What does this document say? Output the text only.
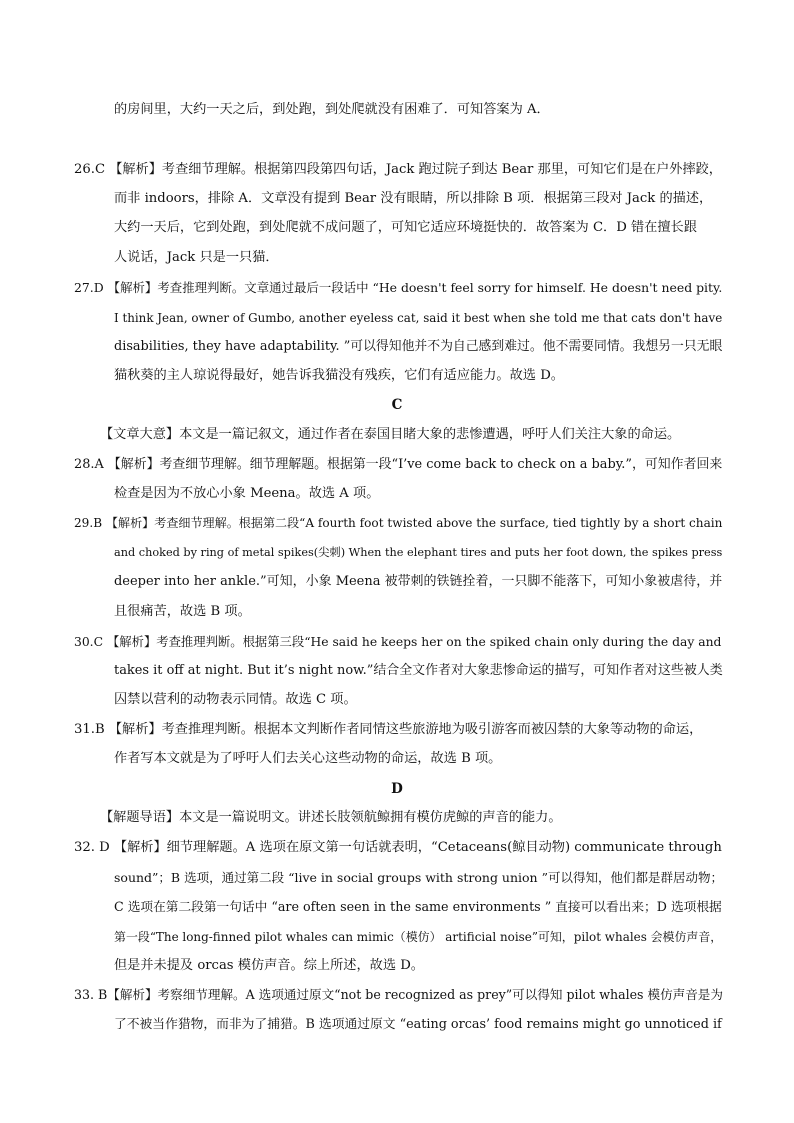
的房间里，大约一天之后，到处跑，到处爬就没有困难了．可知答案为 A．
26.C 【解析】考查细节理解。根据第四段第四句话，Jack 跑过院子到达 Bear 那里，可知它们是在户外摔跤，
而非 indoors，排除 A．文章没有提到 Bear 没有眼睛，所以排除 B 项．根据第三段对 Jack 的描述，
大约一天后，它到处跑，到处爬就不成问题了，可知它适应环境挺快的．故答案为 C．D 错在擅长跟
人说话，Jack 只是一只猫．
27.D 【解析】考查推理判断。文章通过最后一段话中 “He doesn't feel sorry for himself. He doesn't need pity.
I think Jean, owner of Gumbo, another eyeless cat, said it best when she told me that cats don't have
disabilities, they have adaptability. ”可以得知他并不为自己感到难过。他不需要同情。我想另一只无眼
猫秋葵的主人琼说得最好，她告诉我猫没有残疾，它们有适应能力。故选 D。
C
【文章大意】本文是一篇记叙文，通过作者在泰国目睹大象的悲惨遭遇，呼吁人们关注大象的命运。
28.A 【解析】考查细节理解。细节理解题。根据第一段“I’ve come back to check on a baby.”，可知作者回来
检查是因为不放心小象 Meena。故选 A 项。
29.B 【解析】考查细节理解。根据第二段“A fourth foot twisted above the surface, tied tightly by a short chain
and choked by ring of metal spikes(尖刺) When the elephant tires and puts her foot down, the spikes press
deeper into her ankle.”可知，小象 Meena 被带刺的铁链拴着，一只脚不能落下，可知小象被虐待，并
且很痛苦，故选 B 项。
30.C 【解析】考查推理判断。根据第三段“He said he keeps her on the spiked chain only during the day and
takes it off at night. But it’s night now.”结合全文作者对大象悲惨命运的描写，可知作者对这些被人类
囚禁以营利的动物表示同情。故选 C 项。
31.B 【解析】考查推理判断。根据本文判断作者同情这些旅游地为吸引游客而被囚禁的大象等动物的命运，
作者写本文就是为了呼吁人们去关心这些动物的命运，故选 B 项。
D
【解题导语】本文是一篇说明文。讲述长肢领航鲸拥有模仿虎鲸的声音的能力。
32. D 【解析】细节理解题。A 选项在原文第一句话就表明，“Cetaceans(鲸目动物) communicate through
sound”；B 选项，通过第二段 “live in social groups with strong union ”可以得知，他们都是群居动物；
C 选项在第二段第一句话中 “are often seen in the same environments ” 直接可以看出来；D 选项根据
第一段“The long-finned pilot whales can mimic（模仿） artificial noise”可知，pilot whales 会模仿声音，
但是并未提及 orcas 模仿声音。综上所述，故选 D。
33. B【解析】考察细节理解。A 选项通过原文“not be recognized as prey”可以得知 pilot whales 模仿声音是为
了不被当作猎物，而非为了捕猎。B 选项通过原文 “eating orcas’ food remains might go unnoticed if
